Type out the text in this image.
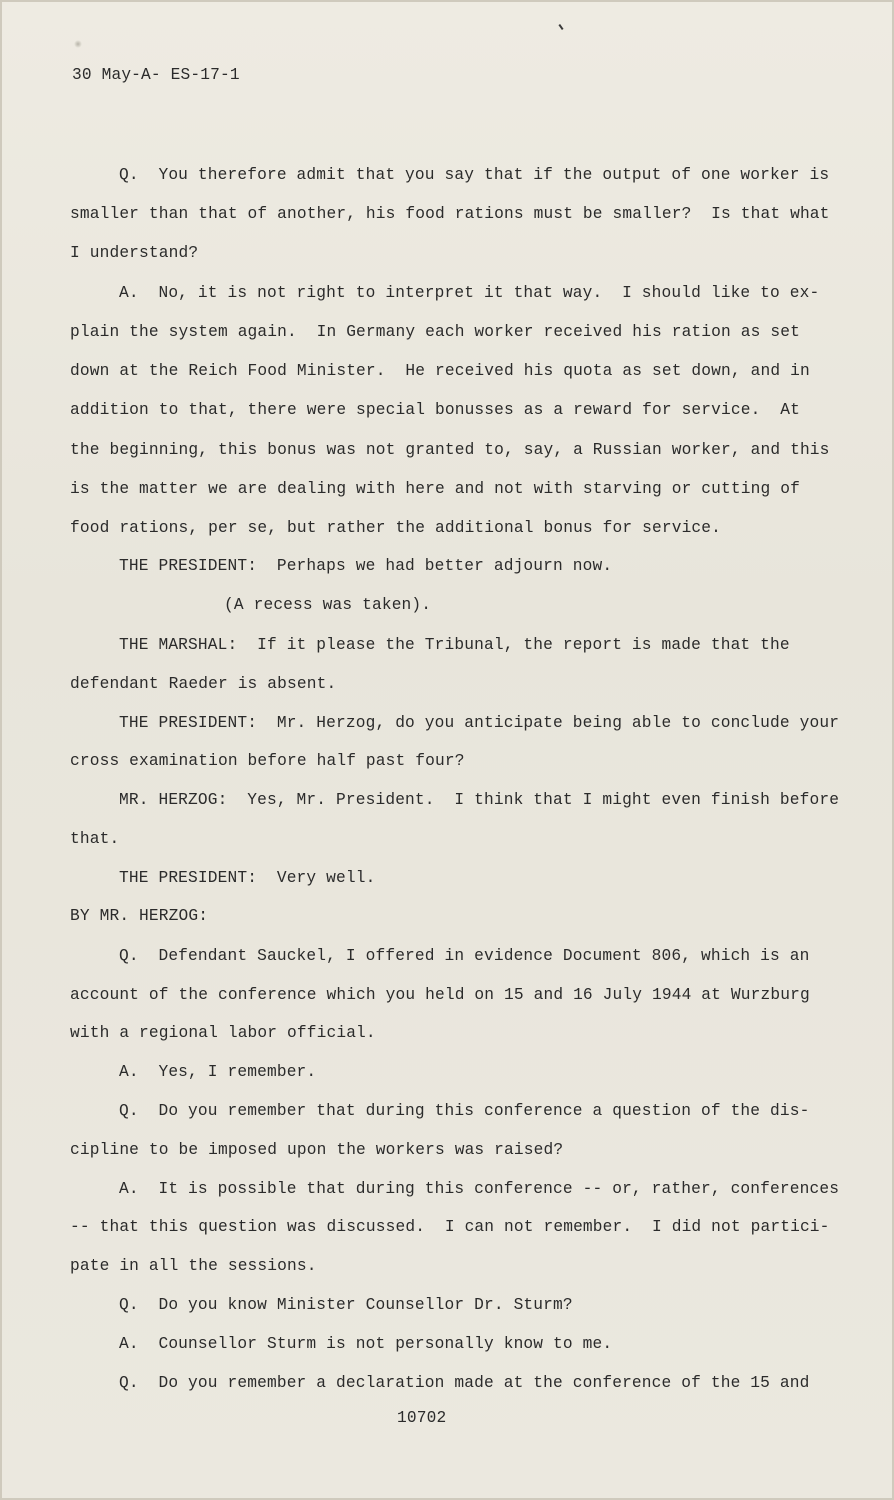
30 May-A- ES-17-1
Q.  You therefore admit that you say that if the output of one worker is
smaller than that of another, his food rations must be smaller?  Is that what
I understand?
A.  No, it is not right to interpret it that way.  I should like to ex-
plain the system again.  In Germany each worker received his ration as set
down at the Reich Food Minister.  He received his quota as set down, and in
addition to that, there were special bonusses as a reward for service.  At
the beginning, this bonus was not granted to, say, a Russian worker, and this
is the matter we are dealing with here and not with starving or cutting of
food rations, per se, but rather the additional bonus for service.
THE PRESIDENT:  Perhaps we had better adjourn now.
(A recess was taken).
THE MARSHAL:  If it please the Tribunal, the report is made that the
defendant Raeder is absent.
THE PRESIDENT:  Mr. Herzog, do you anticipate being able to conclude your
cross examination before half past four?
MR. HERZOG:  Yes, Mr. President.  I think that I might even finish before
that.
THE PRESIDENT:  Very well.
BY MR. HERZOG:
Q.  Defendant Sauckel, I offered in evidence Document 806, which is an
account of the conference which you held on 15 and 16 July 1944 at Wurzburg
with a regional labor official.
A.  Yes, I remember.
Q.  Do you remember that during this conference a question of the dis-
cipline to be imposed upon the workers was raised?
A.  It is possible that during this conference -- or, rather, conferences
-- that this question was discussed.  I can not remember.  I did not partici-
pate in all the sessions.
Q.  Do you know Minister Counsellor Dr. Sturm?
A.  Counsellor Sturm is not personally know to me.
Q.  Do you remember a declaration made at the conference of the 15 and
10702
